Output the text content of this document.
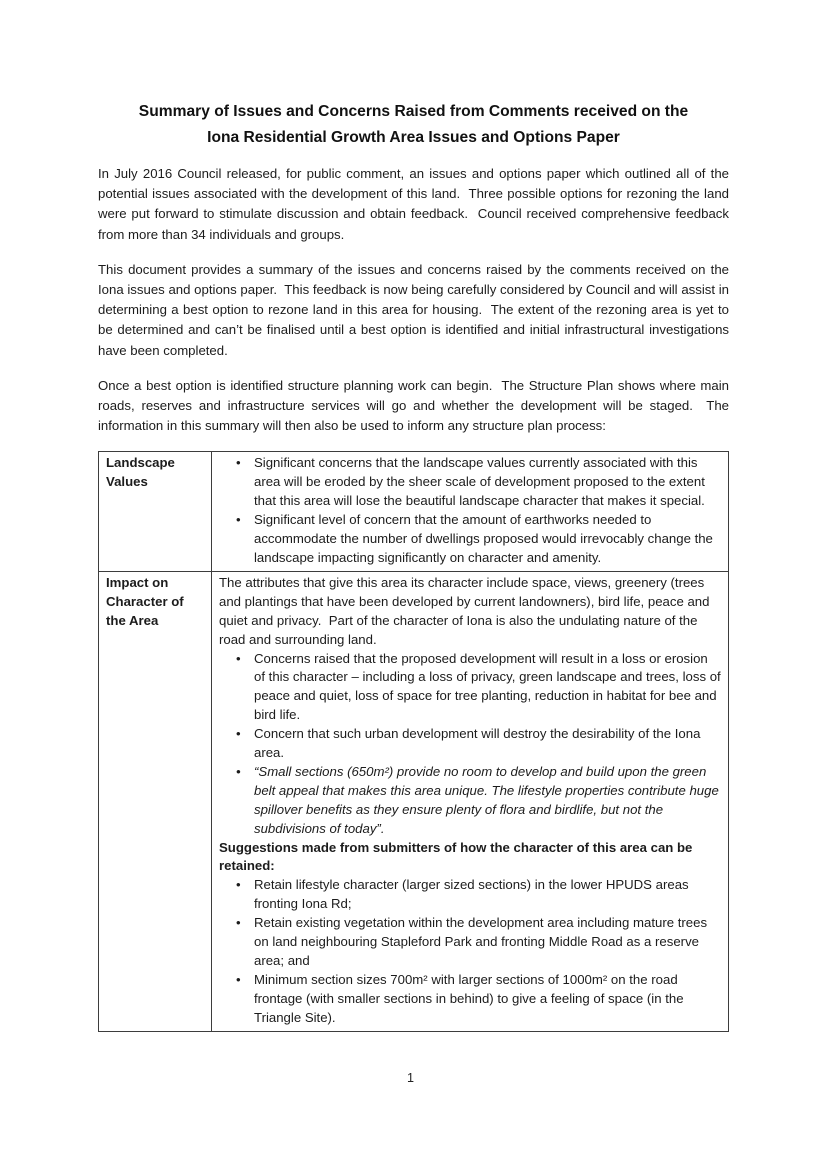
Summary of Issues and Concerns Raised from Comments received on the
Iona Residential Growth Area Issues and Options Paper

In July 2016 Council released, for public comment, an issues and options paper which outlined all of the potential issues associated with the development of this land.  Three possible options for rezoning the land were put forward to stimulate discussion and obtain feedback.  Council received comprehensive feedback from more than 34 individuals and groups.

This document provides a summary of the issues and concerns raised by the comments received on the Iona issues and options paper.  This feedback is now being carefully considered by Council and will assist in determining a best option to rezone land in this area for housing.  The extent of the rezoning area is yet to be determined and can’t be finalised until a best option is identified and initial infrastructural investigations have been completed.

Once a best option is identified structure planning work can begin.  The Structure Plan shows where main roads, reserves and infrastructure services will go and whether the development will be staged.  The information in this summary will then also be used to inform any structure plan process:

Landscape Values	
• Significant concerns that the landscape values currently associated with this area will be eroded by the sheer scale of development proposed to the extent that this area will lose the beautiful landscape character that makes it special.
• Significant level of concern that the amount of earthworks needed to accommodate the number of dwellings proposed would irrevocably change the landscape impacting significantly on character and amenity.

Impact on Character of the Area	

The attributes that give this area its character include space, views, greenery (trees and plantings that have been developed by current landowners), bird life, peace and quiet and privacy.  Part of the character of Iona is also the undulating nature of the road and surrounding land.

• Concerns raised that the proposed development will result in a loss or erosion of this character – including a loss of privacy, green landscape and trees, loss of peace and quiet, loss of space for tree planting, reduction in habitat for bee and bird life.
• Concern that such urban development will destroy the desirability of the Iona area.
• “Small sections (650m²) provide no room to develop and build upon the green belt appeal that makes this area unique. The lifestyle properties contribute huge spillover benefits as they ensure plenty of flora and birdlife, but not the subdivisions of today”.

Suggestions made from submitters of how the character of this area can be retained:

• Retain lifestyle character (larger sized sections) in the lower HPUDS areas fronting Iona Rd;
• Retain existing vegetation within the development area including mature trees on land neighbouring Stapleford Park and fronting Middle Road as a reserve area; and
• Minimum section sizes 700m² with larger sections of 1000m² on the road frontage (with smaller sections in behind) to give a feeling of space (in the Triangle Site).
1
